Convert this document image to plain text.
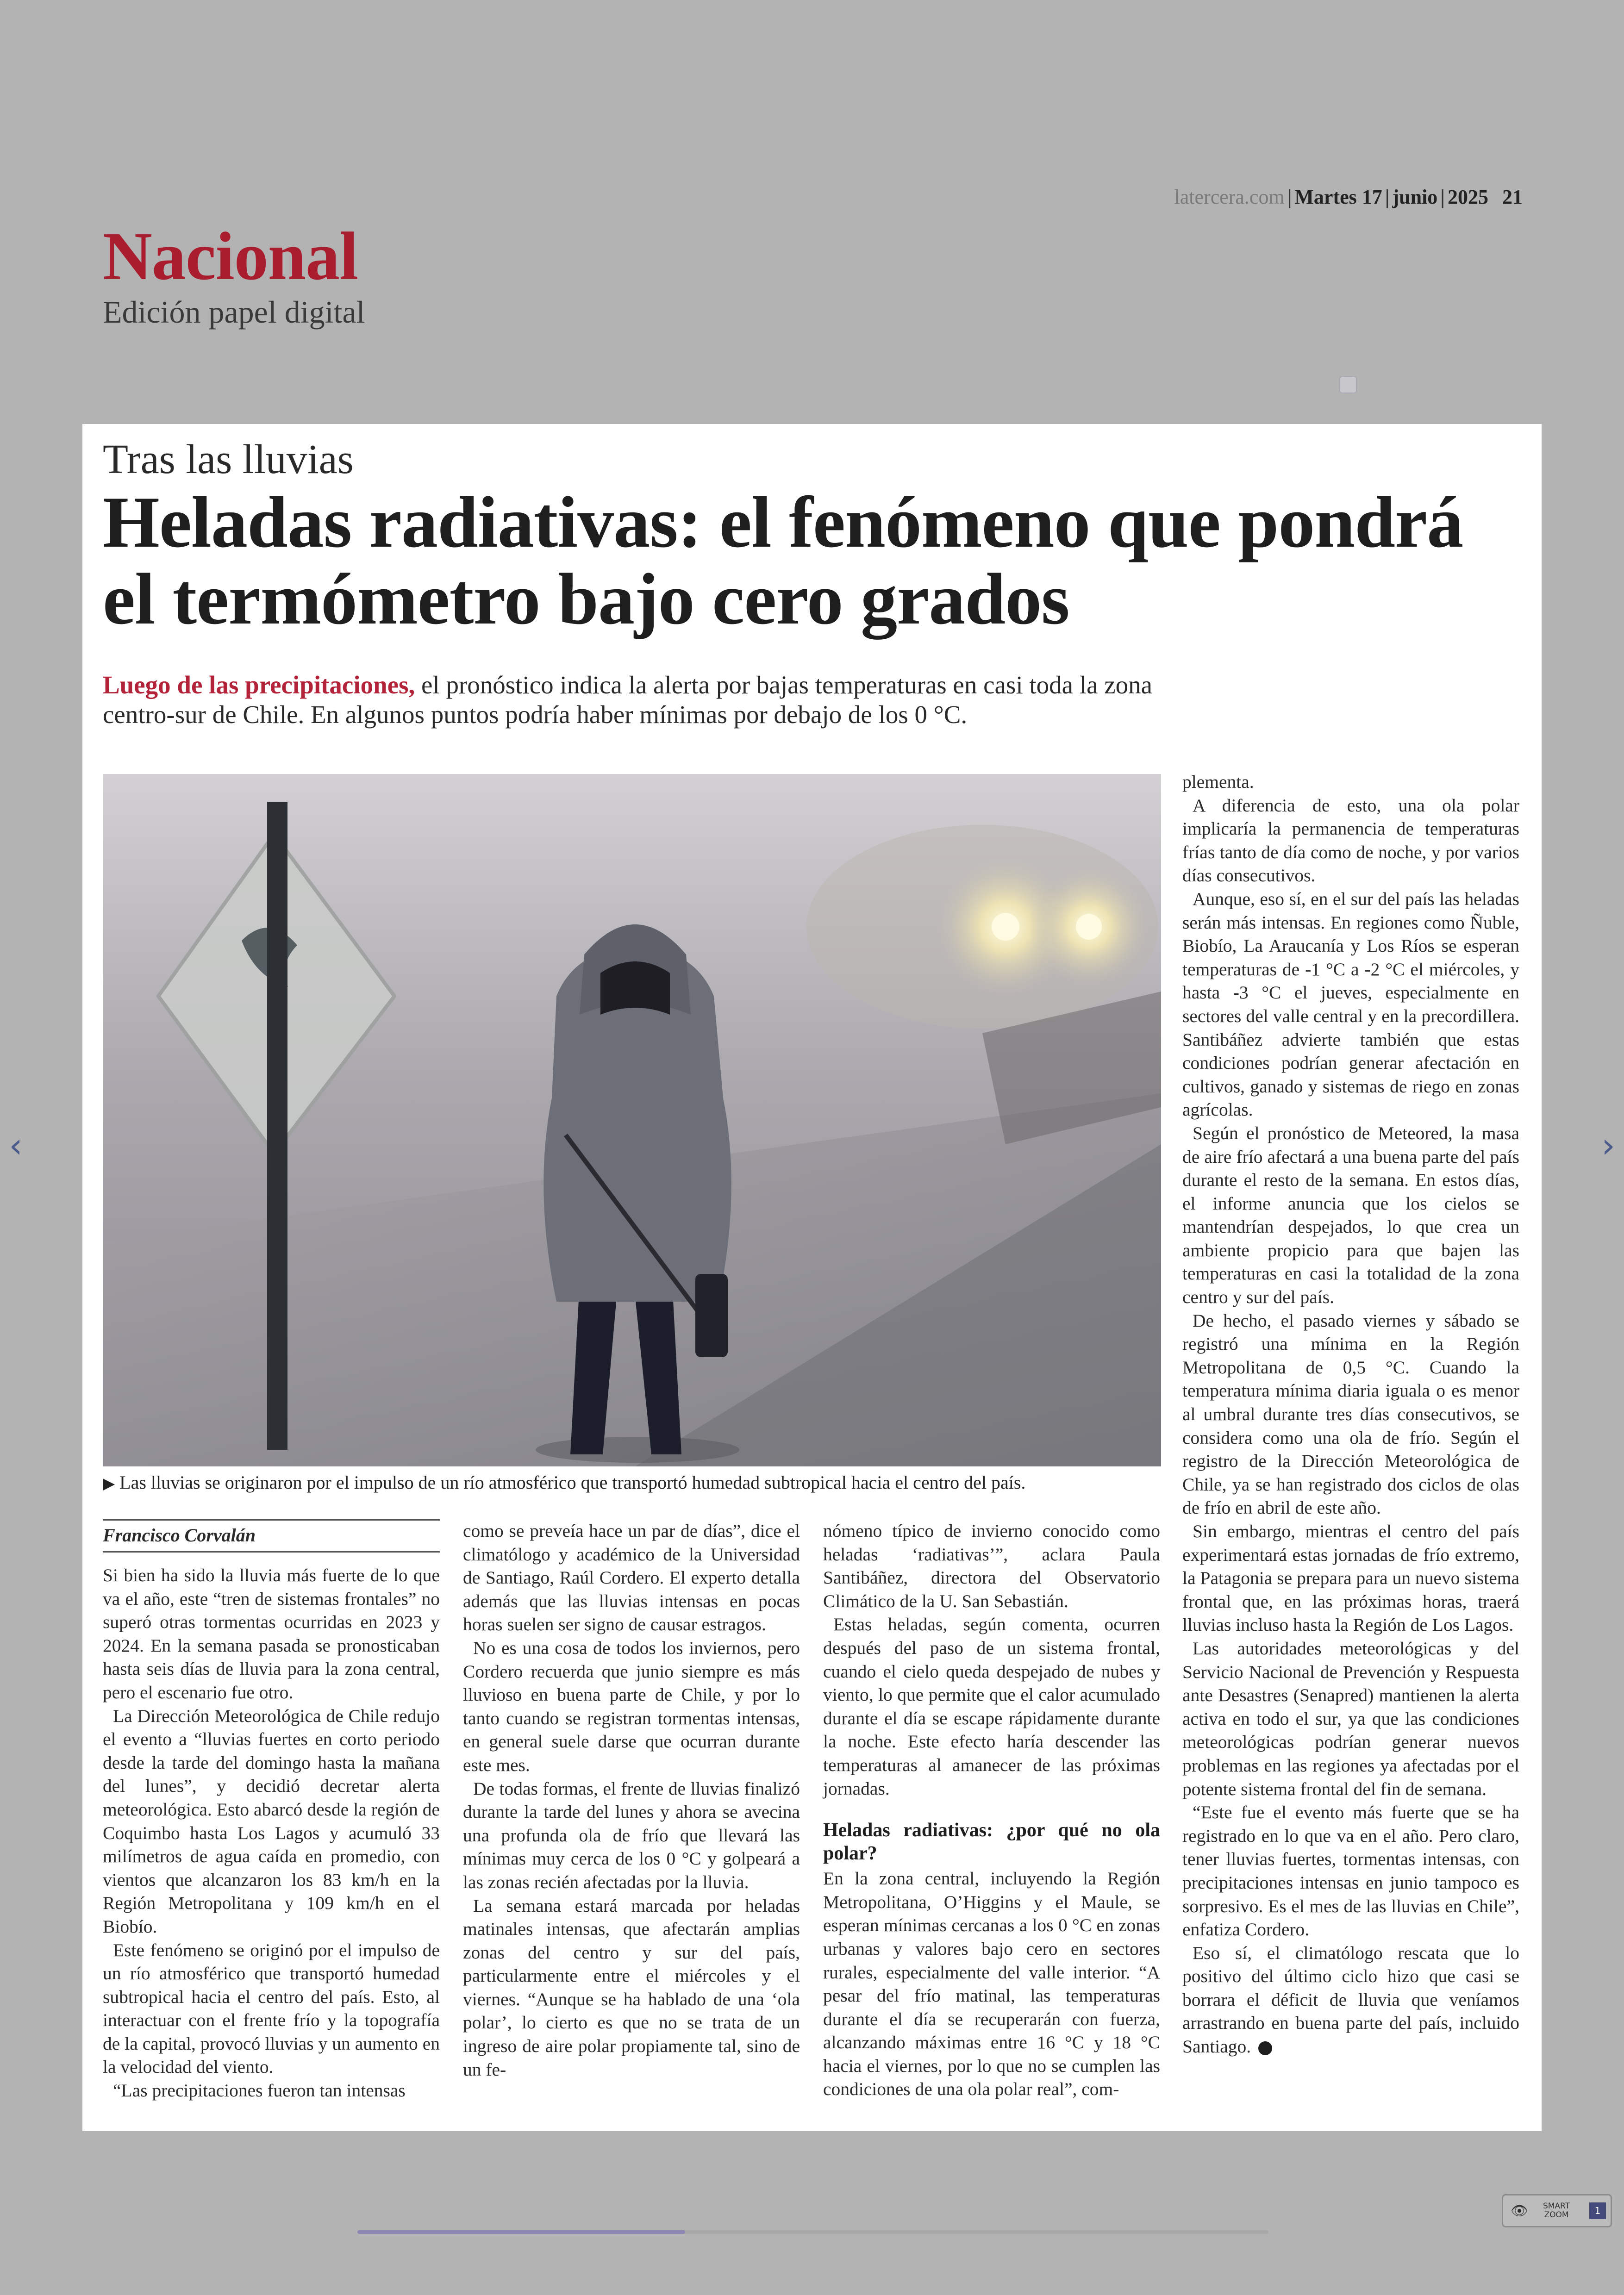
latercera.com | Martes 17 | junio | 2025 21
Nacional
Edición papel digital
Tras las lluvias
Heladas radiativas: el fenómeno que pondrá el termómetro bajo cero grados
Luego de las precipitaciones, el pronóstico indica la alerta por bajas temperaturas en casi toda la zona centro-sur de Chile. En algunos puntos podría haber mínimas por debajo de los 0 °C.
▶ Las lluvias se originaron por el impulso de un río atmosférico que transportó humedad subtropical hacia el centro del país.
Francisco Corvalán

Si bien ha sido la lluvia más fuerte de lo que va el año, este “tren de sistemas frontales” no superó otras tormentas ocurridas en 2023 y 2024. En la semana pasada se pronosticaban hasta seis días de lluvia para la zona central, pero el escenario fue otro.

La Dirección Meteorológica de Chile redujo el evento a “lluvias fuertes en corto periodo desde la tarde del domingo hasta la mañana del lunes”, y decidió decretar alerta meteorológica. Esto abarcó desde la región de Coquimbo hasta Los Lagos y acumuló 33 milímetros de agua caída en promedio, con vientos que alcanzaron los 83 km/h en la Región Metropolitana y 109 km/h en el Biobío.

Este fenómeno se originó por el impulso de un río atmosférico que transportó humedad subtropical hacia el centro del país. Esto, al interactuar con el frente frío y la topografía de la capital, provocó lluvias y un aumento en la velocidad del viento.

“Las precipitaciones fueron tan intensas

como se preveía hace un par de días”, dice el climatólogo y académico de la Universidad de Santiago, Raúl Cordero. El experto detalla además que las lluvias intensas en pocas horas suelen ser signo de causar estragos.

No es una cosa de todos los inviernos, pero Cordero recuerda que junio siempre es más lluvioso en buena parte de Chile, y por lo tanto cuando se registran tormentas intensas, en general suele darse que ocurran durante este mes.

De todas formas, el frente de lluvias finalizó durante la tarde del lunes y ahora se avecina una profunda ola de frío que llevará las mínimas muy cerca de los 0 °C y golpeará a las zonas recién afectadas por la lluvia.

La semana estará marcada por heladas matinales intensas, que afectarán amplias zonas del centro y sur del país, particularmente entre el miércoles y el viernes. “Aunque se ha hablado de una ‘ola polar’, lo cierto es que no se trata de un ingreso de aire polar propiamente tal, sino de un fe-

nómeno típico de invierno conocido como heladas ‘radiativas’”, aclara Paula Santibáñez, directora del Observatorio Climático de la U. San Sebastián.

Estas heladas, según comenta, ocurren después del paso de un sistema frontal, cuando el cielo queda despejado de nubes y viento, lo que permite que el calor acumulado durante el día se escape rápidamente durante la noche. Este efecto haría descender las temperaturas al amanecer de las próximas jornadas.

Heladas radiativas: ¿por qué no ola polar?

En la zona central, incluyendo la Región Metropolitana, O’Higgins y el Maule, se esperan mínimas cercanas a los 0 °C en zonas urbanas y valores bajo cero en sectores rurales, especialmente del valle interior. “A pesar del frío matinal, las temperaturas durante el día se recuperarán con fuerza, alcanzando máximas entre 16 °C y 18 °C hacia el viernes, por lo que no se cumplen las condiciones de una ola polar real”, com-

plementa.

A diferencia de esto, una ola polar implicaría la permanencia de temperaturas frías tanto de día como de noche, y por varios días consecutivos.

Aunque, eso sí, en el sur del país las heladas serán más intensas. En regiones como Ñuble, Biobío, La Araucanía y Los Ríos se esperan temperaturas de -1 °C a -2 °C el miércoles, y hasta -3 °C el jueves, especialmente en sectores del valle central y en la precordillera. Santibáñez advierte también que estas condiciones podrían generar afectación en cultivos, ganado y sistemas de riego en zonas agrícolas.

Según el pronóstico de Meteored, la masa de aire frío afectará a una buena parte del país durante el resto de la semana. En estos días, el informe anuncia que los cielos se mantendrían despejados, lo que crea un ambiente propicio para que bajen las temperaturas en casi la totalidad de la zona centro y sur del país.

De hecho, el pasado viernes y sábado se registró una mínima en la Región Metropolitana de 0,5 °C. Cuando la temperatura mínima diaria iguala o es menor al umbral durante tres días consecutivos, se considera como una ola de frío. Según el registro de la Dirección Meteorológica de Chile, ya se han registrado dos ciclos de olas de frío en abril de este año.

Sin embargo, mientras el centro del país experimentará estas jornadas de frío extremo, la Patagonia se prepara para un nuevo sistema frontal que, en las próximas horas, traerá lluvias incluso hasta la Región de Los Lagos.

Las autoridades meteorológicas y del Servicio Nacional de Prevención y Respuesta ante Desastres (Senapred) mantienen la alerta activa en todo el sur, ya que las condiciones meteorológicas podrían generar nuevos problemas en las regiones ya afectadas por el potente sistema frontal del fin de semana.

“Este fue el evento más fuerte que se ha registrado en lo que va en el año. Pero claro, tener lluvias fuertes, tormentas intensas, con precipitaciones intensas en junio tampoco es sorpresivo. Es el mes de las lluvias en Chile”, enfatiza Cordero.

Eso sí, el climatólogo rescata que lo positivo del último ciclo hizo que casi se borrara el déficit de lluvia que veníamos arrastrando en buena parte del país, incluido Santiago.

‹	›
👁	SMART ZOOM	1
